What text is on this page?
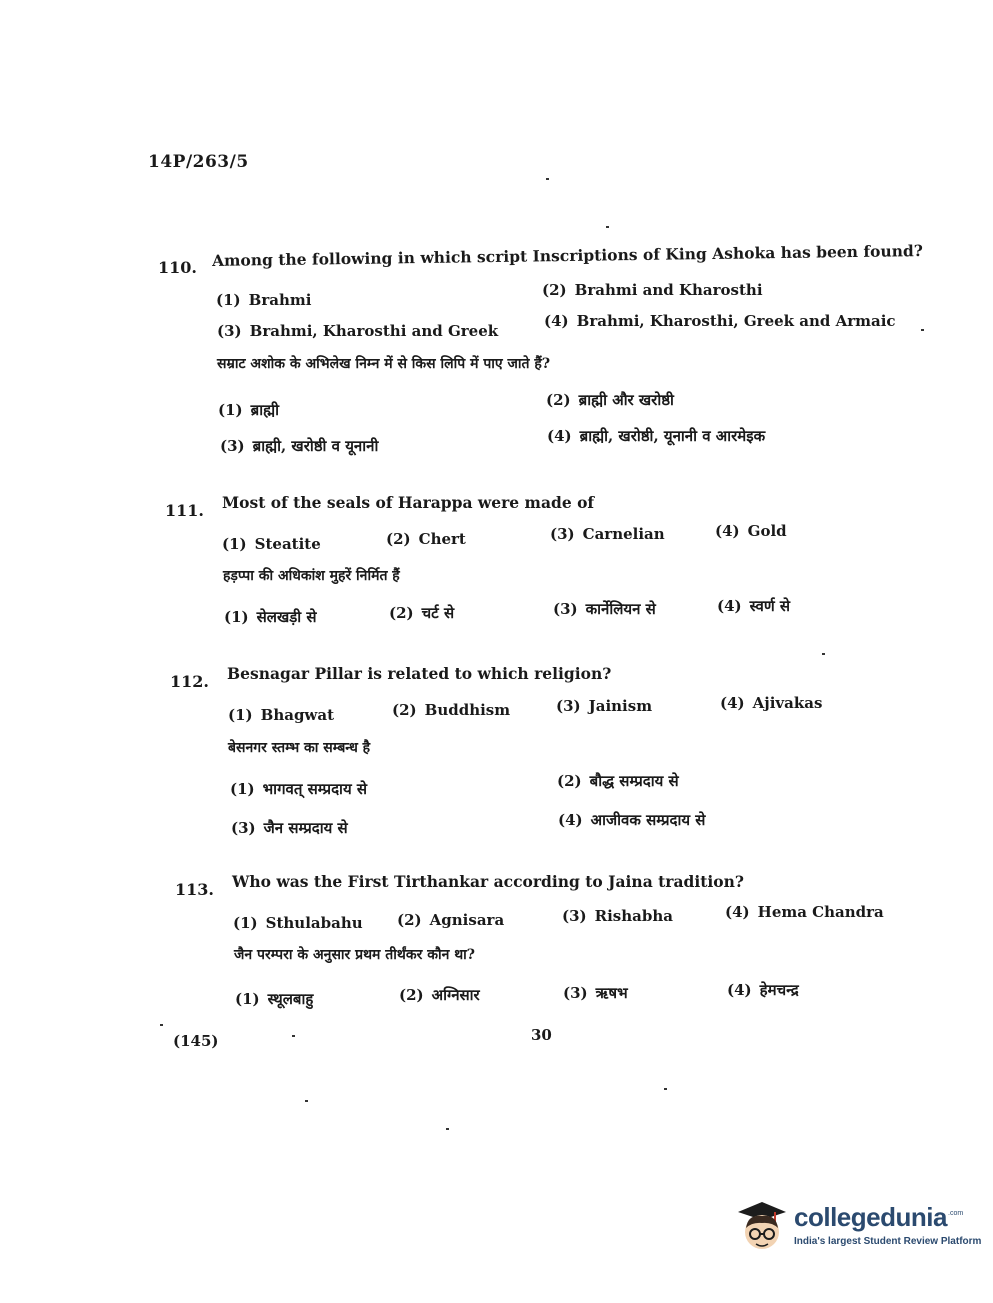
14P/263/5
110. Among the following in which script Inscriptions of King Ashoka has been found?
(1) Brahmi
(2) Brahmi and Kharosthi
(3) Brahmi, Kharosthi and Greek
(4) Brahmi, Kharosthi, Greek and Armaic
सम्राट अशोक के अभिलेख निम्न में से किस लिपि में पाए जाते हैं?
(1) ब्राह्मी
(2) ब्राह्मी और खरोष्ठी
(3) ब्राह्मी, खरोष्ठी व यूनानी
(4) ब्राह्मी, खरोष्ठी, यूनानी व आरमेइक
111. Most of the seals of Harappa were made of
(1) Steatite	(2) Chert	(3) Carnelian	(4) Gold
हड़प्पा की अधिकांश मुहरें निर्मित हैं
(1) सेलखड़ी से	(2) चर्ट से	(3) कार्नेलियन से	(4) स्वर्ण से
112. Besnagar Pillar is related to which religion?
(1) Bhagwat	(2) Buddhism	(3) Jainism	(4) Ajivakas
बेसनगर स्तम्भ का सम्बन्ध है
(1) भागवत् सम्प्रदाय से	(2) बौद्ध सम्प्रदाय से
(3) जैन सम्प्रदाय से	(4) आजीवक सम्प्रदाय से
113. Who was the First Tirthankar according to Jaina tradition?
(1) Sthulabahu (2) Agnisara	(3) Rishabha	(4) Hema Chandra
जैन परम्परा के अनुसार प्रथम तीर्थंकर कौन था?
(1) स्थूलबाहु	(2) अग्निसार	(3) ऋषभ	(4) हेमचन्द्र
(145)	30
collegedunia .com
India's largest Student Review Platform
